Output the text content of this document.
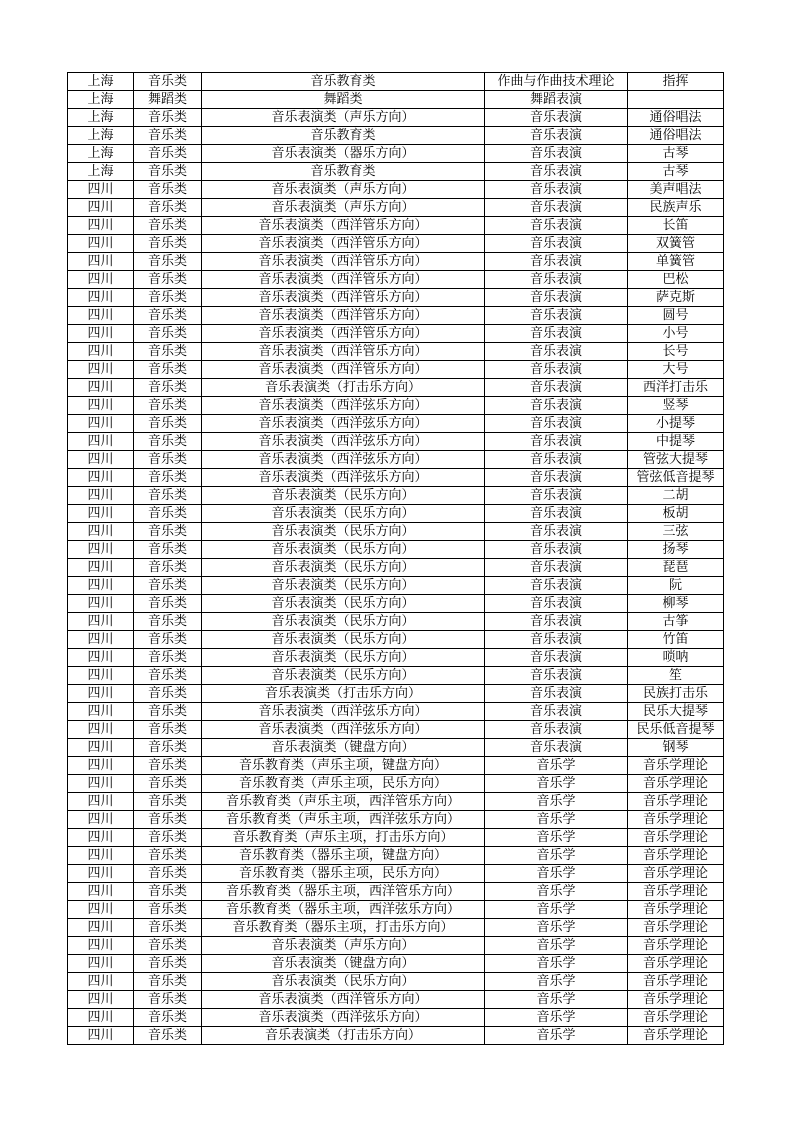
上海	音乐类	音乐教育类	作曲与作曲技术理论	指挥
上海	舞蹈类	舞蹈类	舞蹈表演	
上海	音乐类	音乐表演类（声乐方向）	音乐表演	通俗唱法
上海	音乐类	音乐教育类	音乐表演	通俗唱法
上海	音乐类	音乐表演类（器乐方向）	音乐表演	古琴
上海	音乐类	音乐教育类	音乐表演	古琴
四川	音乐类	音乐表演类（声乐方向）	音乐表演	美声唱法
四川	音乐类	音乐表演类（声乐方向）	音乐表演	民族声乐
四川	音乐类	音乐表演类（西洋管乐方向）	音乐表演	长笛
四川	音乐类	音乐表演类（西洋管乐方向）	音乐表演	双簧管
四川	音乐类	音乐表演类（西洋管乐方向）	音乐表演	单簧管
四川	音乐类	音乐表演类（西洋管乐方向）	音乐表演	巴松
四川	音乐类	音乐表演类（西洋管乐方向）	音乐表演	萨克斯
四川	音乐类	音乐表演类（西洋管乐方向）	音乐表演	圆号
四川	音乐类	音乐表演类（西洋管乐方向）	音乐表演	小号
四川	音乐类	音乐表演类（西洋管乐方向）	音乐表演	长号
四川	音乐类	音乐表演类（西洋管乐方向）	音乐表演	大号
四川	音乐类	音乐表演类（打击乐方向）	音乐表演	西洋打击乐
四川	音乐类	音乐表演类（西洋弦乐方向）	音乐表演	竖琴
四川	音乐类	音乐表演类（西洋弦乐方向）	音乐表演	小提琴
四川	音乐类	音乐表演类（西洋弦乐方向）	音乐表演	中提琴
四川	音乐类	音乐表演类（西洋弦乐方向）	音乐表演	管弦大提琴
四川	音乐类	音乐表演类（西洋弦乐方向）	音乐表演	管弦低音提琴
四川	音乐类	音乐表演类（民乐方向）	音乐表演	二胡
四川	音乐类	音乐表演类（民乐方向）	音乐表演	板胡
四川	音乐类	音乐表演类（民乐方向）	音乐表演	三弦
四川	音乐类	音乐表演类（民乐方向）	音乐表演	扬琴
四川	音乐类	音乐表演类（民乐方向）	音乐表演	琵琶
四川	音乐类	音乐表演类（民乐方向）	音乐表演	阮
四川	音乐类	音乐表演类（民乐方向）	音乐表演	柳琴
四川	音乐类	音乐表演类（民乐方向）	音乐表演	古筝
四川	音乐类	音乐表演类（民乐方向）	音乐表演	竹笛
四川	音乐类	音乐表演类（民乐方向）	音乐表演	唢呐
四川	音乐类	音乐表演类（民乐方向）	音乐表演	笙
四川	音乐类	音乐表演类（打击乐方向）	音乐表演	民族打击乐
四川	音乐类	音乐表演类（西洋弦乐方向）	音乐表演	民乐大提琴
四川	音乐类	音乐表演类（西洋弦乐方向）	音乐表演	民乐低音提琴
四川	音乐类	音乐表演类（键盘方向）	音乐表演	钢琴
四川	音乐类	音乐教育类（声乐主项，键盘方向）	音乐学	音乐学理论
四川	音乐类	音乐教育类（声乐主项，民乐方向）	音乐学	音乐学理论
四川	音乐类	音乐教育类（声乐主项，西洋管乐方向）	音乐学	音乐学理论
四川	音乐类	音乐教育类（声乐主项，西洋弦乐方向）	音乐学	音乐学理论
四川	音乐类	音乐教育类（声乐主项，打击乐方向）	音乐学	音乐学理论
四川	音乐类	音乐教育类（器乐主项，键盘方向）	音乐学	音乐学理论
四川	音乐类	音乐教育类（器乐主项，民乐方向）	音乐学	音乐学理论
四川	音乐类	音乐教育类（器乐主项，西洋管乐方向）	音乐学	音乐学理论
四川	音乐类	音乐教育类（器乐主项，西洋弦乐方向）	音乐学	音乐学理论
四川	音乐类	音乐教育类（器乐主项，打击乐方向）	音乐学	音乐学理论
四川	音乐类	音乐表演类（声乐方向）	音乐学	音乐学理论
四川	音乐类	音乐表演类（键盘方向）	音乐学	音乐学理论
四川	音乐类	音乐表演类（民乐方向）	音乐学	音乐学理论
四川	音乐类	音乐表演类（西洋管乐方向）	音乐学	音乐学理论
四川	音乐类	音乐表演类（西洋弦乐方向）	音乐学	音乐学理论
四川	音乐类	音乐表演类（打击乐方向）	音乐学	音乐学理论
